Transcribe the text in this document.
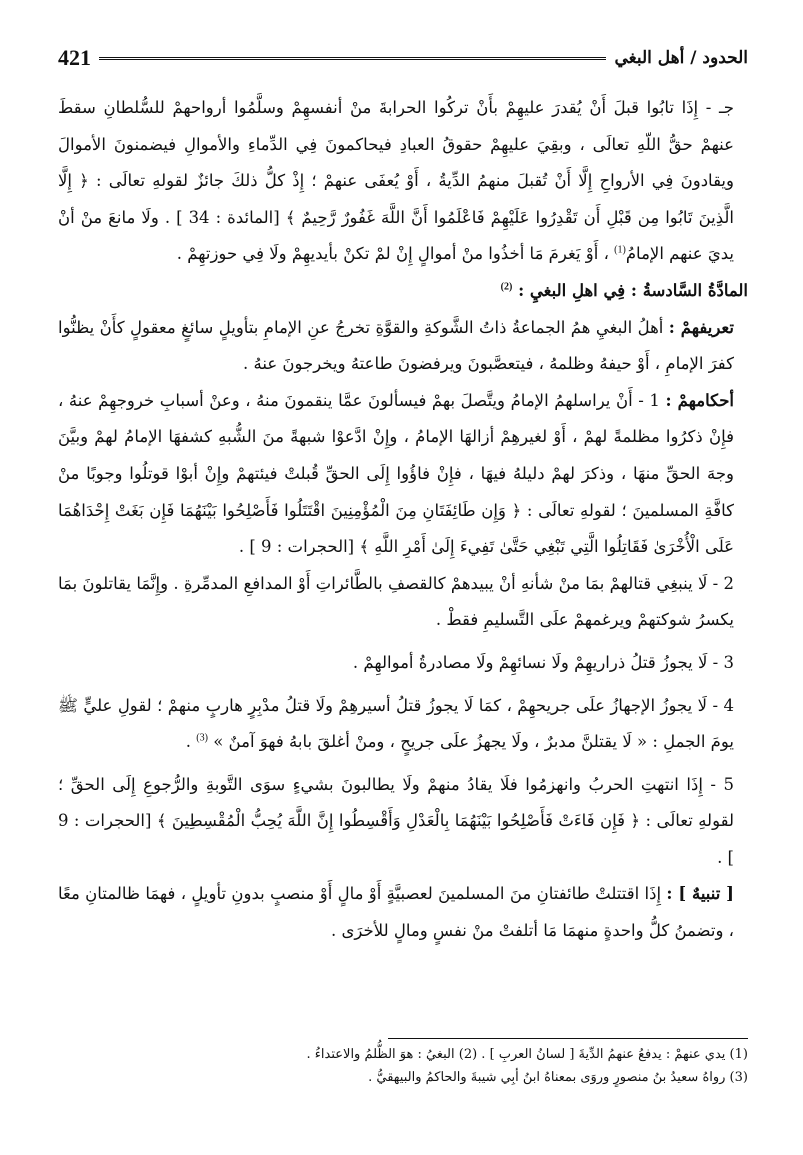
الحدود / أهل البغي
421

جـ - إِذَا تابُوا قبلَ أَنْ يُقدرَ عليهِمْ بأَنْ تركُوا الحرابةَ منْ أنفسهِمْ وسلَّمُوا أرواحهمْ للسُّلطانِ سقطَ عنهمْ حقُّ اللّهِ تعالَى ، وبقِيَ عليهِمْ حقوقُ العبادِ فيحاكمونَ فِي الدِّماءِ والأموالِ فيضمنونَ الأموالَ ويقادونَ فِي الأرواحِ إِلَّا أَنْ تُقبلَ منهمُ الدِّيةُ ، أَوْ يُعفَى عنهمْ ؛ إِذْ كلُّ ذلكَ جائزٌ لقولهِ تعالَى : ﴿ إِلَّا الَّذِينَ تَابُوا مِن قَبْلِ أَن تَقْدِرُوا عَلَيْهِمْ فَاعْلَمُوا أَنَّ اللَّهَ غَفُورٌ رَّحِيمٌ ﴾ [المائدة : 34 ] . ولَا مانعَ منْ أنْ يديَ عنهم الإمامُ$^{(1)}$ ، أَوْ يَغرمَ مَا أخذُوا منْ أموالٍ إِنْ لمْ تكنْ بأيديهِمْ ولَا فِي حوزتهِمْ .

المادَّةُ السَّادسةُ : فِي اهلِ البغيِ : $^{(2)}$

تعريفهمْ : أهلُ البغيِ همُ الجماعةُ ذاتُ الشَّوكةِ والقوَّةِ تخرجُ عنِ الإمامِ بتأويلٍ سائغٍ معقولٍ كأَنْ يظنُّوا كفرَ الإمامِ ، أَوْ حيفهُ وظلمهُ ، فيتعصَّبونَ ويرفضونَ طاعتهُ ويخرجونَ عنهُ .

أحكامهمْ : 1 - أَنْ يراسلهمُ الإمامُ ويتَّصلَ بهمْ فيسألونَ عمَّا ينقمونَ منهُ ، وعنْ أسبابِ خروجهِمْ عنهُ ، فإِنْ ذكرُوا مظلمةً لهمْ ، أَوْ لغيرهِمْ أزالهَا الإمامُ ، وإِنْ ادَّعوْا شبهةً منَ الشُّبهِ كشفهَا الإمامُ لهمْ وبيَّنَ وجهَ الحقِّ منهَا ، وذكرَ لهمْ دليلهُ فيهَا ، فإِنْ فاؤُوا إِلَى الحقِّ قُبلتْ فيئتهمْ وإِنْ أبوْا قوتلُوا وجوبًا منْ كافَّةِ المسلمينَ ؛ لقولهِ تعالَى : ﴿ وَإِن طَائِفَتَانِ مِنَ الْمُؤْمِنِينَ اقْتَتَلُوا فَأَصْلِحُوا بَيْنَهُمَا فَإِن بَغَتْ إِحْدَاهُمَا عَلَى الْأُخْرَىٰ فَقَاتِلُوا الَّتِي تَبْغِي حَتَّىٰ تَفِيءَ إِلَىٰ أَمْرِ اللَّهِ ﴾ [الحجرات : 9 ] .

2 - لَا ينبغِي قتالهمْ بمَا منْ شأنهِ أنْ يبيدهمْ كالقصفِ بالطَّائراتِ أَوْ المدافعِ المدمِّرةِ . وإِنَّمَا يقاتلونَ بمَا يكسرُ شوكتهمْ ويرغمهمْ علَى التَّسليمِ فقطْ .

3 - لَا يجوزُ قتلُ ذراريهِمْ ولَا نسائهِمْ ولَا مصادرةُ أموالهِمْ .

4 - لَا يجوزُ الإجهازُ علَى جريحهِمْ ، كمَا لَا يجوزُ قتلُ أسيرهِمْ ولَا قتلُ مدْبِرٍ هاربٍ منهمْ ؛ لقولِ عليٍّ ﷺ يومَ الجملِ : « لَا يقتلنَّ مدبرٌ ، ولَا يجهزُ علَى جريحٍ ، ومنْ أغلقَ بابهُ فهوَ آمنٌ » $^{(3)}$ .

5 - إِذَا انتهتِ الحربُ وانهزمُوا فلَا يقادُ منهمْ ولَا يطالبونَ بشيءٍ سوَى التَّوبةِ والرُّجوعِ إِلَى الحقِّ ؛ لقولهِ تعالَى : ﴿ فَإِن فَاءَتْ فَأَصْلِحُوا بَيْنَهُمَا بِالْعَدْلِ وَأَقْسِطُوا إِنَّ اللَّهَ يُحِبُّ الْمُقْسِطِينَ ﴾ [الحجرات : 9 ] .

[ تنبيهٌ ] : إِذَا اقتتلتْ طائفتانِ منَ المسلمينَ لعصبيَّةٍ أَوْ مالٍ أَوْ منصبٍ بدونِ تأويلٍ ، فهمَا ظالمتانِ معًا ، وتضمنُ كلُّ واحدةٍ منهمَا مَا أتلفتْ منْ نفسٍ ومالٍ للأخرَى .

(1) يدي عنهمْ : يدفعُ عنهمُ الدِّيةَ [ لسانُ العربِ ] . (2) البغيُ : هوَ الظُّلمُ والاعتداءُ .
(3) رواهُ سعيدُ بنُ منصورٍ وروَى بمعناهُ ابنُ أبِي شيبةَ والحاكمُ والبيهقيُّ .
